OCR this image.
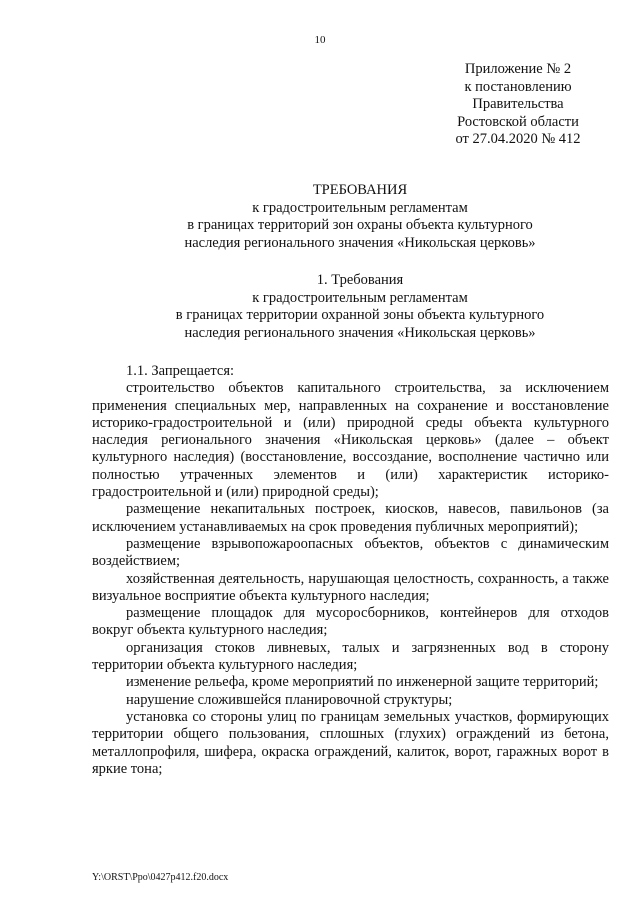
10
Приложение № 2
к постановлению
Правительства
Ростовской области
от 27.04.2020 № 412
ТРЕБОВАНИЯ
к градостроительным регламентам
в границах территорий зон охраны объекта культурного
наследия регионального значения «Никольская церковь»
1. Требования
к градостроительным регламентам
в границах территории охранной зоны объекта культурного
наследия регионального значения «Никольская церковь»

1.1. Запрещается:

строительство объектов капитального строительства, за исключением применения специальных мер, направленных на сохранение и восстановление историко-градостроительной и (или) природной среды объекта культурного наследия регионального значения «Никольская церковь» (далее – объект культурного наследия) (восстановление, воссоздание, восполнение частично или полностью утраченных элементов и (или) характеристик историко-градостроительной и (или) природной среды);

размещение некапитальных построек, киосков, навесов, павильонов (за исключением устанавливаемых на срок проведения публичных мероприятий);

размещение взрывопожароопасных объектов, объектов с динамическим воздействием;

хозяйственная деятельность, нарушающая целостность, сохранность, а также визуальное восприятие объекта культурного наследия;

размещение площадок для мусоросборников, контейнеров для отходов вокруг объекта культурного наследия;

организация стоков ливневых, талых и загрязненных вод в сторону территории объекта культурного наследия;

изменение рельефа, кроме мероприятий по инженерной защите территорий;

нарушение сложившейся планировочной структуры;

установка со стороны улиц по границам земельных участков, формирующих территории общего пользования, сплошных (глухих) ограждений из бетона, металлопрофиля, шифера, окраска ограждений, калиток, ворот, гаражных ворот в яркие тона;

Y:\ORST\Ppo\0427p412.f20.docx
